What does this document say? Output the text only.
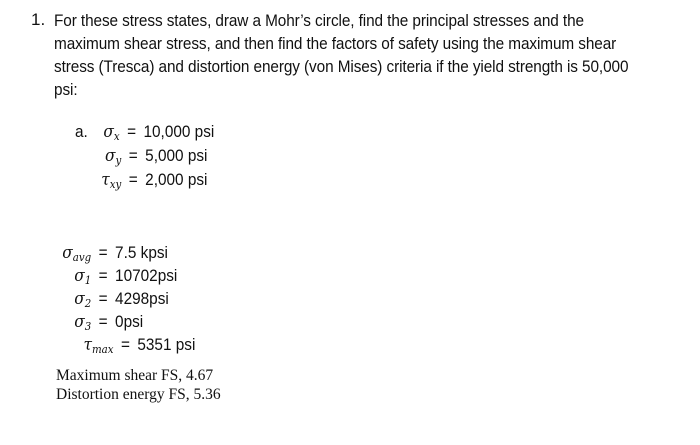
1. For these stress states, draw a Mohr’s circle, find the principal stresses and the
maximum shear stress, and then find the factors of safety using the maximum shear
stress (Tresca) and distortion energy (von Mises) criteria if the yield strength is 50,000
psi:
a. $\sigma_x = 10,000$ psi
$\sigma_y = 5,000$ psi
$\tau_{xy} = 2,000$ psi
$\sigma_{avg} = 7.5$ kpsi
$\sigma_1 = 10702psi$
$\sigma_2 = 4298psi$
$\sigma_3 = 0psi$
$\tau_{max} = 5351$ psi
Maximum shear FS, 4.67
Distortion energy FS, 5.36
